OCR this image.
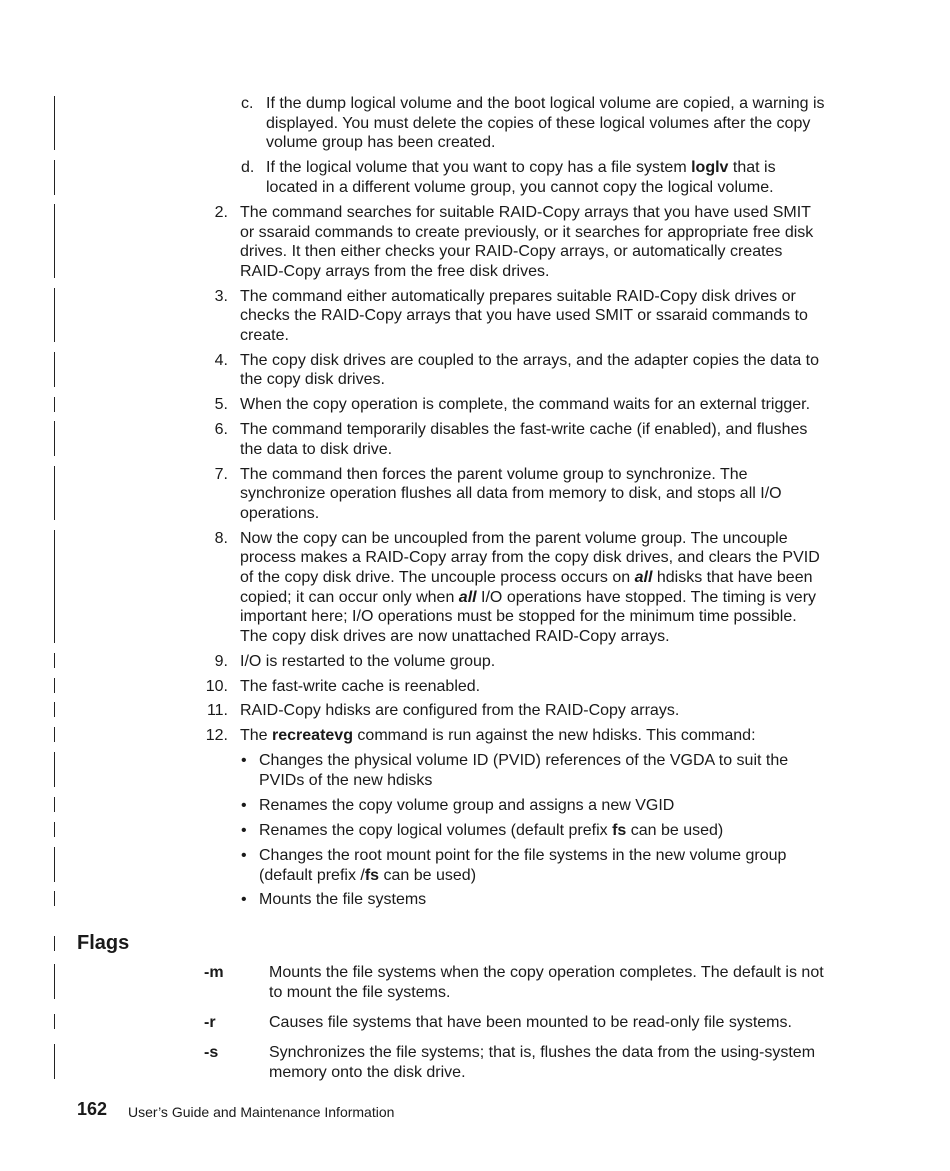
c. If the dump logical volume and the boot logical volume are copied, a warning is
displayed. You must delete the copies of these logical volumes after the copy
volume group has been created.
d. If the logical volume that you want to copy has a file system loglv that is
located in a different volume group, you cannot copy the logical volume.
2. The command searches for suitable RAID-Copy arrays that you have used SMIT
or ssaraid commands to create previously, or it searches for appropriate free disk
drives. It then either checks your RAID-Copy arrays, or automatically creates
RAID-Copy arrays from the free disk drives.
3. The command either automatically prepares suitable RAID-Copy disk drives or
checks the RAID-Copy arrays that you have used SMIT or ssaraid commands to
create.
4. The copy disk drives are coupled to the arrays, and the adapter copies the data to
the copy disk drives.
5. When the copy operation is complete, the command waits for an external trigger.
6. The command temporarily disables the fast-write cache (if enabled), and flushes
the data to disk drive.
7. The command then forces the parent volume group to synchronize. The
synchronize operation flushes all data from memory to disk, and stops all I/O
operations.
8. Now the copy can be uncoupled from the parent volume group. The uncouple
process makes a RAID-Copy array from the copy disk drives, and clears the PVID
of the copy disk drive. The uncouple process occurs on all hdisks that have been
copied; it can occur only when all I/O operations have stopped. The timing is very
important here; I/O operations must be stopped for the minimum time possible.
The copy disk drives are now unattached RAID-Copy arrays.
9. I/O is restarted to the volume group.
10. The fast-write cache is reenabled.
11. RAID-Copy hdisks are configured from the RAID-Copy arrays.
12. The recreatevg command is run against the new hdisks. This command:
• Changes the physical volume ID (PVID) references of the VGDA to suit the
PVIDs of the new hdisks
• Renames the copy volume group and assigns a new VGID
• Renames the copy logical volumes (default prefix fs can be used)
• Changes the root mount point for the file systems in the new volume group
(default prefix /fs can be used)
• Mounts the file systems
Flags
-m	Mounts the file systems when the copy operation completes. The default is not
to mount the file systems.
-r	Causes file systems that have been mounted to be read-only file systems.
-s	Synchronizes the file systems; that is, flushes the data from the using-system
memory onto the disk drive.
162 User’s Guide and Maintenance Information
